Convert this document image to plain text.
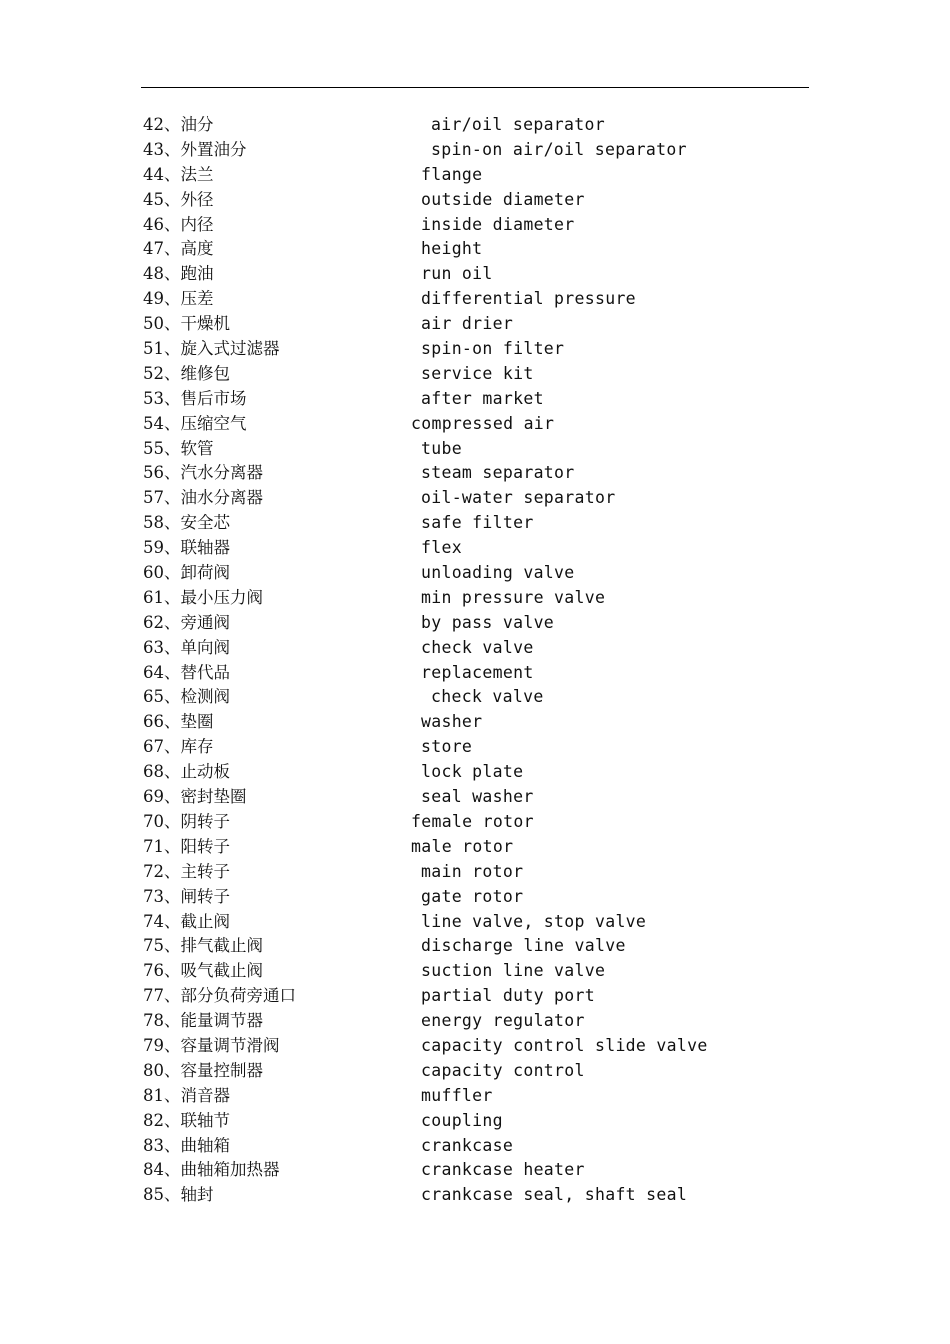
42、油分	air/oil separator
43、外置油分	spin-on air/oil separator
44、法兰	flange
45、外径	outside diameter
46、内径	inside diameter
47、高度	height
48、跑油	run oil
49、压差	differential pressure
50、干燥机	air drier
51、旋入式过滤器	spin-on filter
52、维修包	service kit
53、售后市场	after market
54、压缩空气	compressed air
55、软管	tube
56、汽水分离器	steam separator
57、油水分离器	oil-water separator
58、安全芯	safe filter
59、联轴器	flex
60、卸荷阀	unloading valve
61、最小压力阀	min pressure valve
62、旁通阀	by pass valve
63、单向阀	check valve
64、替代品	replacement
65、检测阀	check valve
66、垫圈	washer
67、库存	store
68、止动板	lock plate
69、密封垫圈	seal washer
70、阴转子	female rotor
71、阳转子	male rotor
72、主转子	main rotor
73、闸转子	gate rotor
74、截止阀	line valve, stop valve
75、排气截止阀	discharge line valve
76、吸气截止阀	suction line valve
77、部分负荷旁通口	partial duty port
78、能量调节器	energy regulator
79、容量调节滑阀	capacity control slide valve
80、容量控制器	capacity control
81、消音器	muffler
82、联轴节	coupling
83、曲轴箱	crankcase
84、曲轴箱加热器	crankcase heater
85、轴封	crankcase seal, shaft seal
